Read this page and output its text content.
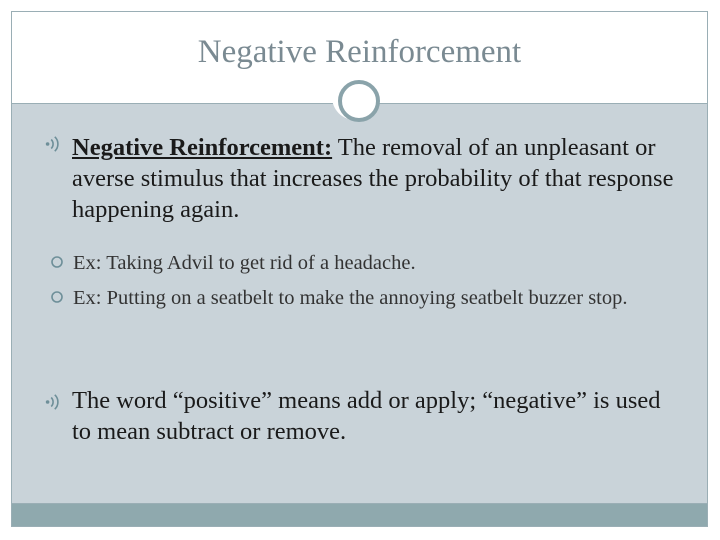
Negative Reinforcement
Negative Reinforcement: The removal of an unpleasant or averse stimulus that increases the probability of that response happening again.
Ex: Taking Advil to get rid of a headache.
Ex: Putting on a seatbelt to make the annoying seatbelt buzzer stop.
The word “positive” means add or apply; “negative” is used to mean subtract or remove.
